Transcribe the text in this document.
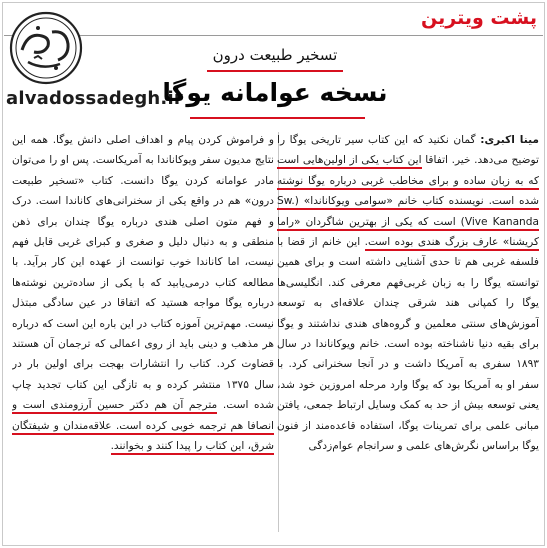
پشت ویترین
alvadossadegh.ir
تسخیر طبیعت درون
نسخه عوامانه یوگا
مینا اکبری: گمان نکنید که این کتاب سیر تاریخی یوگا را توضیح می‌دهد. خیر. اتفاقا این کتاب یکی از اولین‌هایی است که به زبان ساده و برای مخاطب غربی درباره یوگا نوشته شده است. نویسنده کتاب خانم «سوامی ویوکاناندا» (Sw. Vive Kananda) است که یکی از بهترین شاگردان «راما کریشنا» عارف بزرگ هندی بوده است. این خانم از قضا با فلسفه غربی هم تا حدی آشنایی داشته است و برای همین توانسته یوگا را به زبان غربی‌فهم معرفی کند. انگلیسی‌ها یوگا را کمپانی هند شرقی چندان علاقه‌ای به توسعه آموزش‌های سنتی معلمین و گروه‌های هندی نداشتند و یوگا برای بقیه دنیا ناشناخته بوده است. خانم ویوکاناندا در سال ۱۸۹۳ سفری به آمریکا داشت و در آنجا سخنرانی کرد. با سفر او به آمریکا بود که یوگا وارد مرحله امروزین خود شد، یعنی توسعه بیش از حد به کمک وسایل ارتباط جمعی، یافتن مبانی علمی برای تمرینات یوگا، استفاده قاعده‌مند از فنون یوگا براساس نگرش‌های علمی و سرانجام عوام‌زدگی
و فراموش کردن پیام و اهداف اصلی دانش یوگا. همه این نتایج مدیون سفر ویوکاناندا به آمریکاست. پس او را می‌توان مادر عوامانه کردن یوگا دانست. کتاب «تسخیر طبیعت درون» هم در واقع یکی از سخنرانی‌های کاناندا است. درک و فهم متون اصلی هندی درباره یوگا چندان برای ذهن منطقی و به دنبال دلیل و صغری و کبرای غربی قابل فهم نیست، اما کاناندا خوب توانست از عهده این کار برآید. با مطالعه کتاب درمی‌یابید که با یکی از ساده‌ترین نوشته‌ها درباره یوگا مواجه هستید که اتفاقا در عین سادگی مبتذل نیست. مهم‌ترین آموزه کتاب در این باره این است که درباره هر مذهب و دینی باید از روی اعمالی که ترجمان آن هستند قضاوت کرد. کتاب را انتشارات بهجت برای اولین بار در سال ۱۳۷۵ منتشر کرده و به تازگی این کتاب تجدید چاپ شده است. مترجم آن هم دکتر حسین آرزومندی است و انصافا هم ترجمه خوبی کرده است. علاقه‌مندان و شیفتگان شرق، این کتاب را پیدا کنند و بخوانند.
